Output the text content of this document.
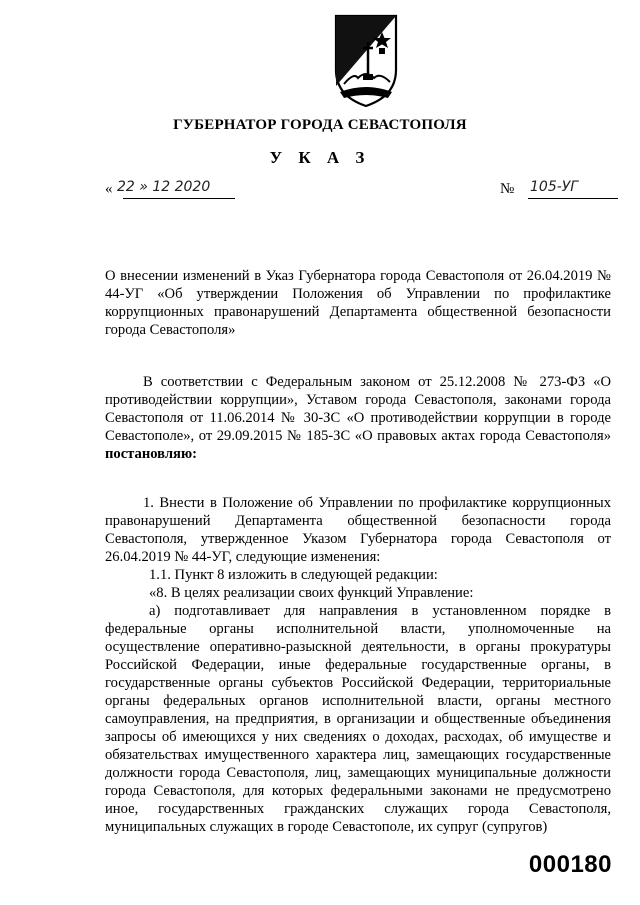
ГУБЕРНАТОР ГОРОДА СЕВАСТОПОЛЯ
У К А З
« 22 » 12 2020	№ 105-УГ

О внесении изменений в Указ Губернатора города Севастополя от 26.04.2019 № 44-УГ «Об утверждении Положения об Управлении по профилактике коррупционных правонарушений Департамента общественной безопасности города Севастополя»

В соответствии с Федеральным законом от 25.12.2008 № 273-ФЗ «О противодействии коррупции», Уставом города Севастополя, законами города Севастополя от 11.06.2014 № 30-ЗС «О противодействии коррупции в городе Севастополе», от 29.09.2015 № 185-ЗС «О правовых актах города Севастополя» постановляю:

1. Внести в Положение об Управлении по профилактике коррупционных правонарушений Департамента общественной безопасности города Севастополя, утвержденное Указом Губернатора города Севастополя от 26.04.2019 № 44-УГ, следующие изменения:

1.1. Пункт 8 изложить в следующей редакции:

«8. В целях реализации своих функций Управление:

а) подготавливает для направления в установленном порядке в федеральные органы исполнительной власти, уполномоченные на осуществление оперативно-разыскной деятельности, в органы прокуратуры Российской Федерации, иные федеральные государственные органы, в государственные органы субъектов Российской Федерации, территориальные органы федеральных органов исполнительной власти, органы местного самоуправления, на предприятия, в организации и общественные объединения запросы об имеющихся у них сведениях о доходах, расходах, об имуществе и обязательствах имущественного характера лиц, замещающих государственные должности города Севастополя, лиц, замещающих муниципальные должности города Севастополя, для которых федеральными законами не предусмотрено иное, государственных гражданских служащих города Севастополя, муниципальных служащих в городе Севастополе, их супруг (супругов)

000180
